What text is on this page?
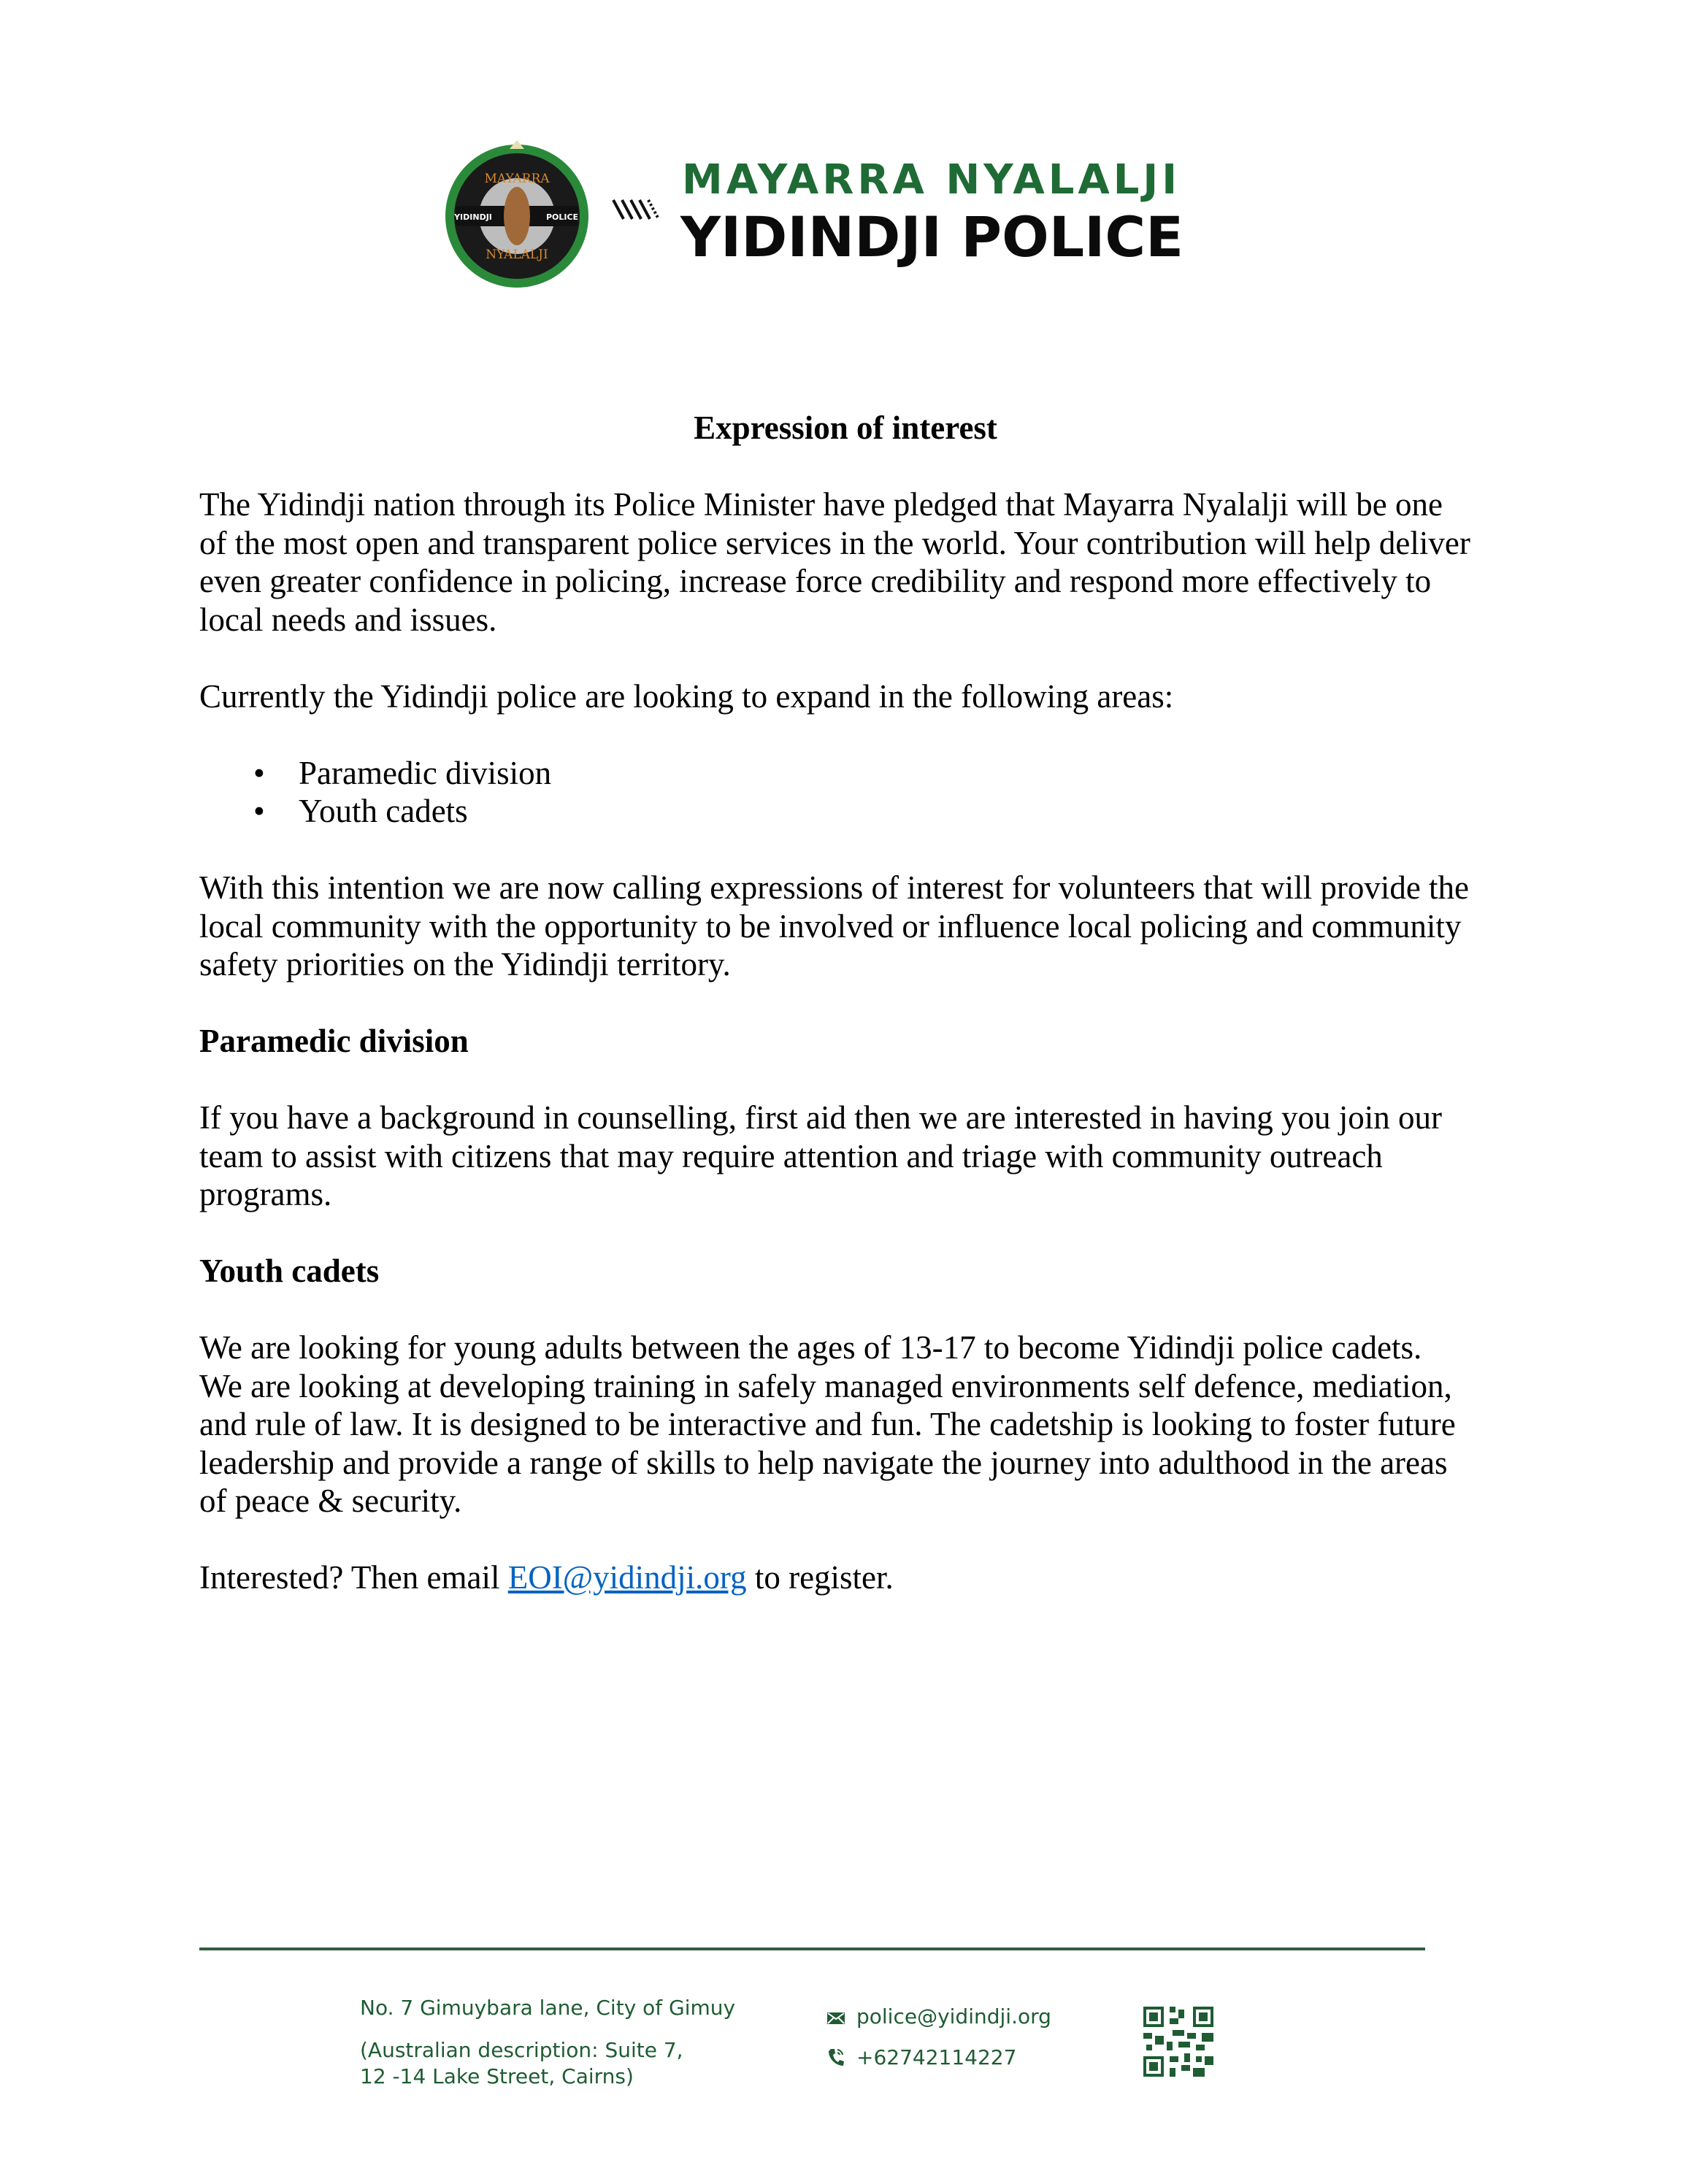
MAYARRA
YIDINDJI	POLICE
NYALALJI
MAYARRA NYALALJI
YIDINDJI POLICE
Expression of interest
The Yidindji nation through its Police Minister have pledged that Mayarra Nyalalji will be one
of the most open and transparent police services in the world. Your contribution will help deliver
even greater confidence in policing, increase force credibility and respond more effectively to
local needs and issues.
Currently the Yidindji police are looking to expand in the following areas:
• Paramedic division
• Youth cadets
With this intention we are now calling expressions of interest for volunteers that will provide the
local community with the opportunity to be involved or influence local policing and community
safety priorities on the Yidindji territory.
Paramedic division
If you have a background in counselling, first aid then we are interested in having you join our
team to assist with citizens that may require attention and triage with community outreach
programs.
Youth cadets
We are looking for young adults between the ages of 13-17 to become Yidindji police cadets.
We are looking at developing training in safely managed environments self defence, mediation,
and rule of law. It is designed to be interactive and fun. The cadetship is looking to foster future
leadership and provide a range of skills to help navigate the journey into adulthood in the areas
of peace & security.
Interested? Then email EOI@yidindji.org to register.
No. 7 Gimuybara lane, City of Gimuy
(Australian description: Suite 7,
12 -14 Lake Street, Cairns)
police@yidindji.org
+62742114227
